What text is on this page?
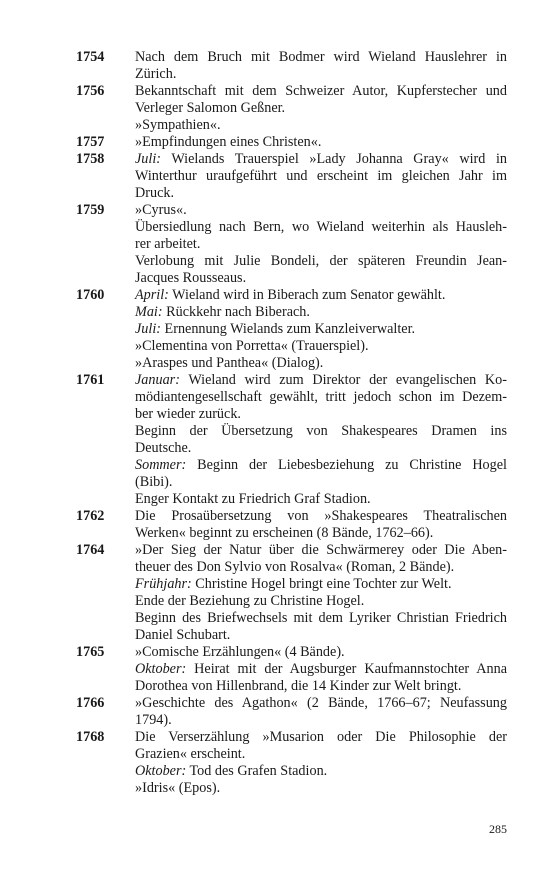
1754	Nach dem Bruch mit Bodmer wird Wieland Hauslehrer in
Zürich.
1756	Bekanntschaft mit dem Schweizer Autor, Kupferstecher und
Verleger Salomon Geßner.
»Sympathien«.
1757	»Empfindungen eines Christen«.
1758	Juli: Wielands Trauerspiel »Lady Johanna Gray« wird in
Winterthur uraufgeführt und erscheint im gleichen Jahr im
Druck.
1759	»Cyrus«.
Übersiedlung nach Bern, wo Wieland weiterhin als Hausleh-
rer arbeitet.
Verlobung mit Julie Bondeli, der späteren Freundin Jean-
Jacques Rousseaus.
1760	April: Wieland wird in Biberach zum Senator gewählt.
Mai: Rückkehr nach Biberach.
Juli: Ernennung Wielands zum Kanzleiverwalter.
»Clementina von Porretta« (Trauerspiel).
»Araspes und Panthea« (Dialog).
1761	Januar: Wieland wird zum Direktor der evangelischen Ko-
mödiantengesellschaft gewählt, tritt jedoch schon im Dezem-
ber wieder zurück.
Beginn der Übersetzung von Shakespeares Dramen ins
Deutsche.
Sommer: Beginn der Liebesbeziehung zu Christine Hogel
(Bibi).
Enger Kontakt zu Friedrich Graf Stadion.
1762	Die Prosaübersetzung von »Shakespeares Theatralischen
Werken« beginnt zu erscheinen (8 Bände, 1762–66).
1764	»Der Sieg der Natur über die Schwärmerey oder Die Aben-
theuer des Don Sylvio von Rosalva« (Roman, 2 Bände).
Frühjahr: Christine Hogel bringt eine Tochter zur Welt.
Ende der Beziehung zu Christine Hogel.
Beginn des Briefwechsels mit dem Lyriker Christian Friedrich
Daniel Schubart.
1765	»Comische Erzählungen« (4 Bände).
Oktober: Heirat mit der Augsburger Kaufmannstochter Anna
Dorothea von Hillenbrand, die 14 Kinder zur Welt bringt.
1766	»Geschichte des Agathon« (2 Bände, 1766–67; Neufassung
1794).
1768	Die Verserzählung »Musarion oder Die Philosophie der
Grazien« erscheint.
Oktober: Tod des Grafen Stadion.
»Idris« (Epos).
285
